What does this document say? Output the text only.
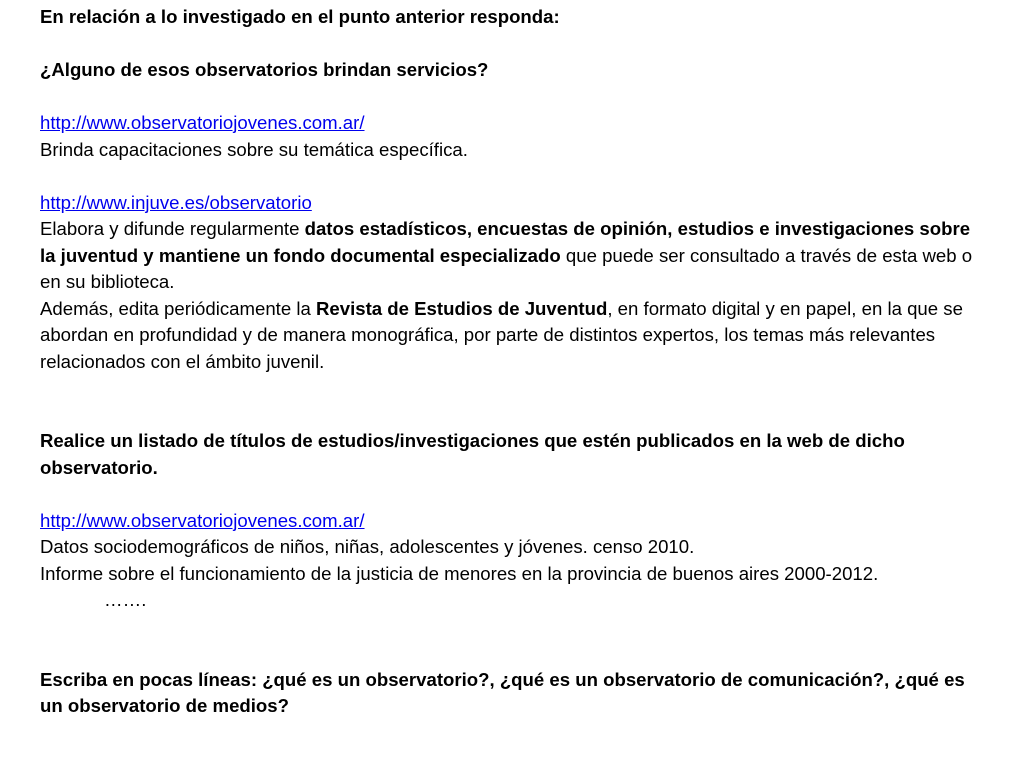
En relación a lo investigado en el punto anterior responda:

¿Alguno de esos observatorios brindan servicios?

http://www.observatoriojovenes.com.ar/

Brinda capacitaciones sobre su temática específica.

http://www.injuve.es/observatorio

Elabora y difunde regularmente datos estadísticos, encuestas de opinión, estudios e investigaciones sobre la juventud y mantiene un fondo documental especializado que puede ser consultado a través de esta web o en su biblioteca.

Además, edita periódicamente la Revista de Estudios de Juventud, en formato digital y en papel, en la que se abordan en profundidad y de manera monográfica, por parte de distintos expertos, los temas más relevantes relacionados con el ámbito juvenil.

Realice un listado de títulos de estudios/investigaciones que estén publicados en la web de dicho observatorio.

http://www.observatoriojovenes.com.ar/

Datos sociodemográficos de niños, niñas, adolescentes y jóvenes. censo 2010.

Informe sobre el funcionamiento de la justicia de menores en la provincia de buenos aires 2000-2012.

…….

Escriba en pocas líneas: ¿qué es un observatorio?, ¿qué es un observatorio de comunicación?, ¿qué es un observatorio de medios?
